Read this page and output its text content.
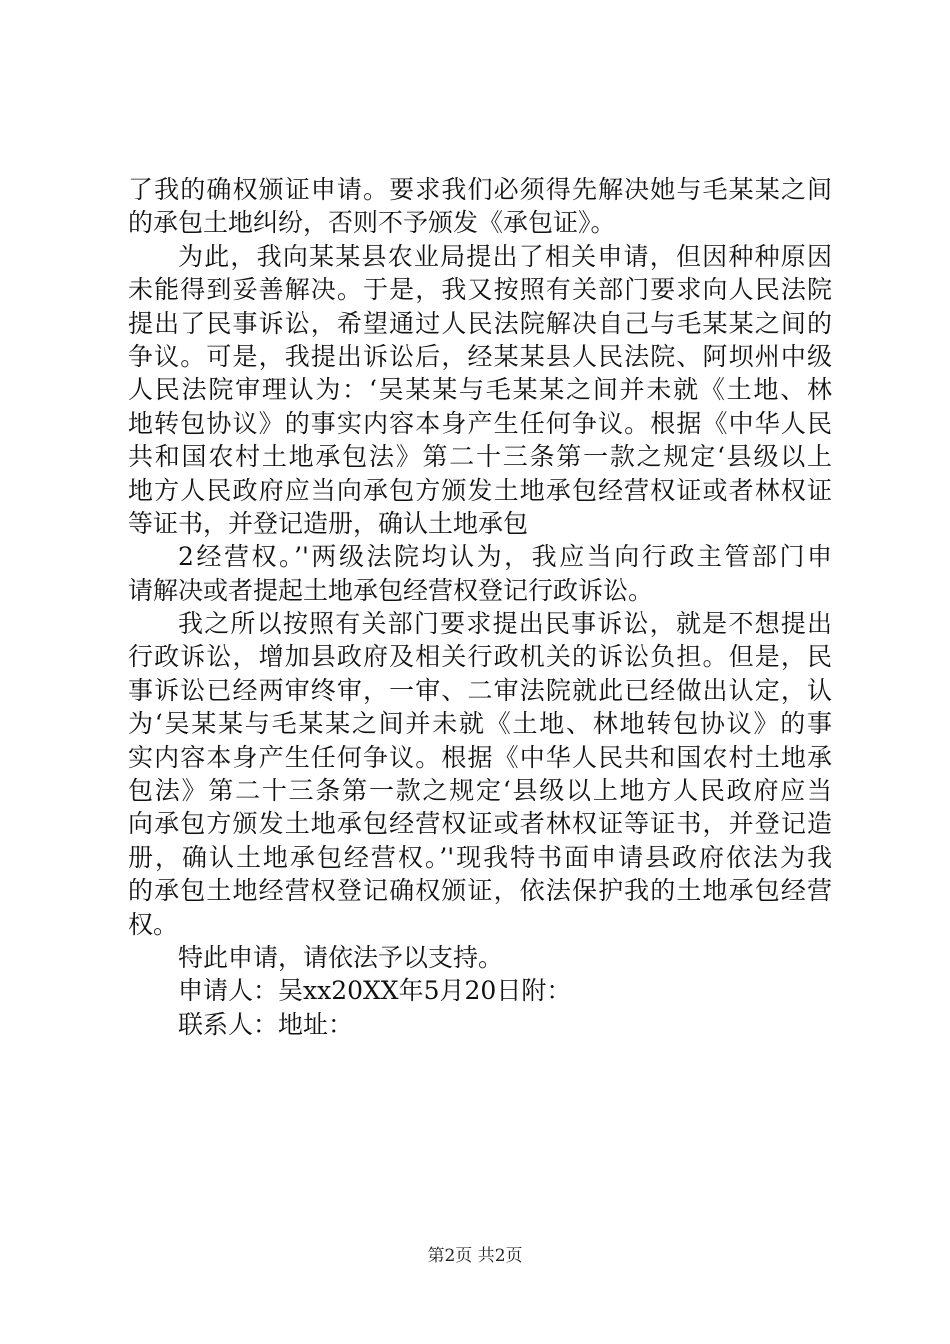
了我的确权颁证申请。要求我们必须得先解决她与毛某某之间
的承包土地纠纷，否则不予颁发《承包证》。
为此，我向某某县农业局提出了相关申请，但因种种原因
未能得到妥善解决。于是，我又按照有关部门要求向人民法院
提出了民事诉讼，希望通过人民法院解决自己与毛某某之间的
争议。可是，我提出诉讼后，经某某县人民法院、阿坝州中级
人民法院审理认为：‘吴某某与毛某某之间并未就《土地、林
地转包协议》的事实内容本身产生任何争议。根据《中华人民
共和国农村土地承包法》第二十三条第一款之规定‘县级以上
地方人民政府应当向承包方颁发土地承包经营权证或者林权证
等证书，并登记造册，确认土地承包
2经营权。’'两级法院均认为，我应当向行政主管部门申
请解决或者提起土地承包经营权登记行政诉讼。
我之所以按照有关部门要求提出民事诉讼，就是不想提出
行政诉讼，增加县政府及相关行政机关的诉讼负担。但是，民
事诉讼已经两审终审，一审、二审法院就此已经做出认定，认
为‘吴某某与毛某某之间并未就《土地、林地转包协议》的事
实内容本身产生任何争议。根据《中华人民共和国农村土地承
包法》第二十三条第一款之规定‘县级以上地方人民政府应当
向承包方颁发土地承包经营权证或者林权证等证书，并登记造
册，确认土地承包经营权。’'现我特书面申请县政府依法为我
的承包土地经营权登记确权颁证，依法保护我的土地承包经营
权。
特此申请，请依法予以支持。
申请人：吴xx20XX年5月20日附：
联系人：地址：
第2页 共2页
